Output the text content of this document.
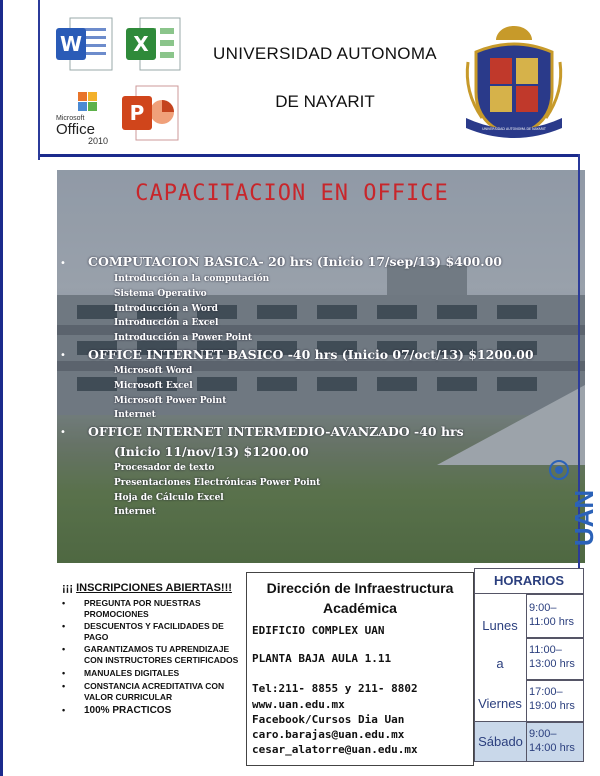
W	X
Microsoft
Office
2010
P
UNIVERSIDAD AUTONOMA
DE NAYARIT
UNIVERSIDAD AUTONOMA DE NAYARIT
CAPACITACION EN OFFICE
• COMPUTACION BASICA- 20 hrs (Inicio 17/sep/13) $400.00
Introducción a la computación
Sistema Operativo
Introducción a Word
Introducción a Excel
Introducción a Power Point
• OFFICE INTERNET BASICO -40 hrs (Inicio 07/oct/13) $1200.00
Microsoft Word
Microsoft Excel
Microsoft Power Point
Internet
• OFFICE INTERNET INTERMEDIO-AVANZADO -40 hrs
(Inicio 11/nov/13) $1200.00
Procesador de texto
Presentaciones Electrónicas Power Point
Hoja de Cálculo Excel
Internet	UAN
¡¡¡ INSCRIPCIONES ABIERTAS!!!
• PREGUNTA POR NUESTRAS PROMOCIONES
• DESCUENTOS Y FACILIDADES DE PAGO
• GARANTIZAMOS TU APRENDIZAJE CON INSTRUCTORES CERTIFICADOS
• MANUALES DIGITALES
• CONSTANCIA ACREDITATIVA CON VALOR CURRICULAR
• 100% PRACTICOS
Dirección de Infraestructura
Académica
EDIFICIO COMPLEX UAN
PLANTA BAJA AULA 1.11
Tel:211- 8855 y 211- 8802
www.uan.edu.mx
Facebook/Cursos Dia Uan
caro.barajas@uan.edu.mx
cesar_alatorre@uan.edu.mx
HORARIOS
Lunes
a
Viernes
Sábado
9:00– 11:00 hrs
11:00– 13:00 hrs
17:00– 19:00 hrs
9:00– 14:00 hrs
